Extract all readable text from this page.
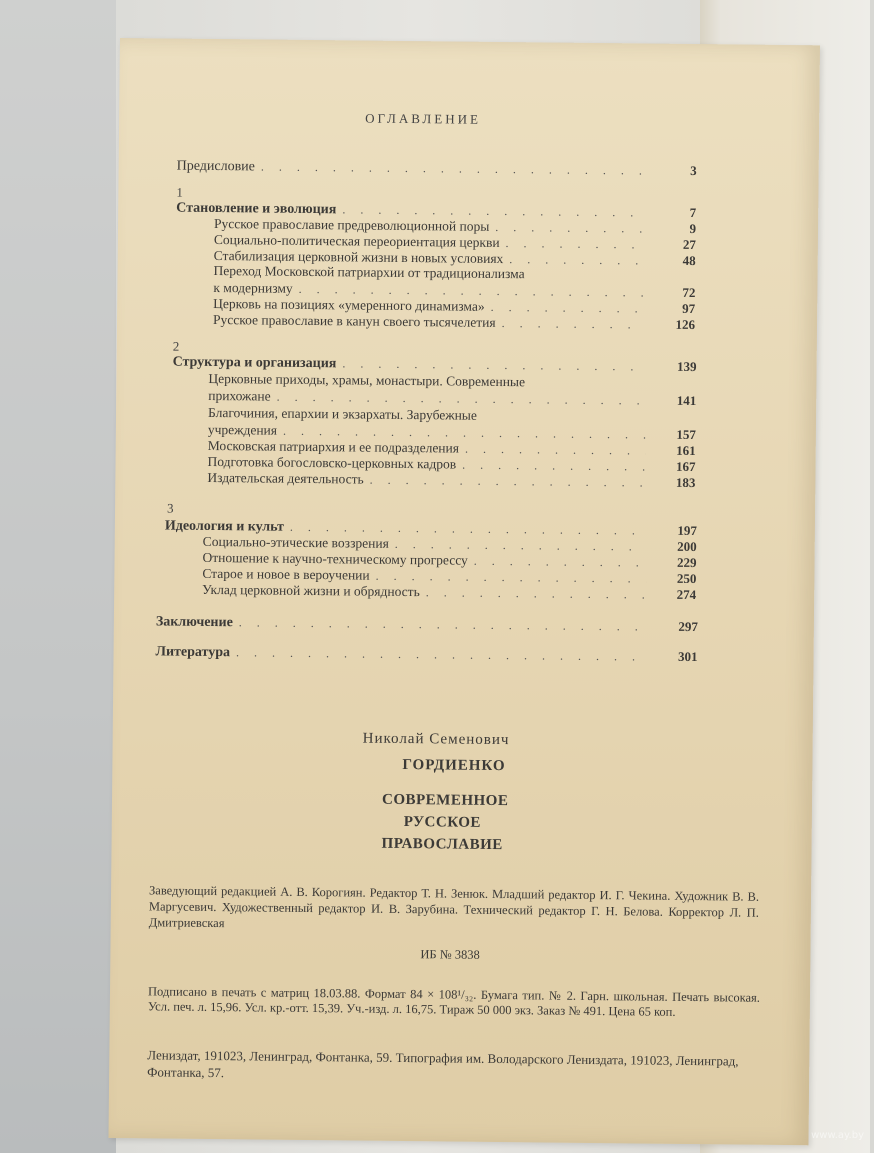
ОГЛАВЛЕНИЕ
Предисловие . . .	3
1
Становление и эволюция . . .	7
Русское православие предреволюционной поры . . .	9
Социально-политическая переориентация церкви . . .	27
Стабилизация церковной жизни в новых условиях . . .	48
Переход Московской патриархии от традиционализма
к модернизму . . .	72
Церковь на позициях «умеренного динамизма» . . .	97
Русское православие в канун своего тысячелетия . . .	126
2
Структура и организация . . .	139
Церковные приходы, храмы, монастыри. Современные
прихожане . . .	141
Благочиния, епархии и экзархаты. Зарубежные
учреждения . . .	157
Московская патриархия и ее подразделения . . .	161
Подготовка богословско-церковных кадров . . .	167
Издательская деятельность . . .	183
3
Идеология и культ . . .	197
Социально-этические воззрения . . .	200
Отношение к научно-техническому прогрессу . . .	229
Старое и новое в вероучении . . .	250
Уклад церковной жизни и обрядность . . .	274
Заключение . . .	297
Литература . . .	301
Николай Семенович
ГОРДИЕНКО
СОВРЕМЕННОЕ
РУССКОЕ
ПРАВОСЛАВИЕ
Заведующий редакцией А. В. Корогиян. Редактор Т. Н. Зенюк. Младший редактор И. Г. Чекина. Художник В. В. Маргусевич. Художественный редактор И. В. Зарубина. Технический редактор Г. Н. Белова. Корректор Л. П. Дмитриевская
ИБ № 3838
Подписано в печать с матриц 18.03.88. Формат 84 × 108¹/₃₂. Бумага тип. № 2. Гарн. школьная. Печать высокая. Усл. печ. л. 15,96. Усл. кр.-отт. 15,39. Уч.-изд. л. 16,75. Тираж 50 000 экз. Заказ № 491. Цена 65 коп.
Лениздат, 191023, Ленинград, Фонтанка, 59. Типография им. Володарского Лениздата, 191023, Ленинград, Фонтанка, 57.
www.ay.by
